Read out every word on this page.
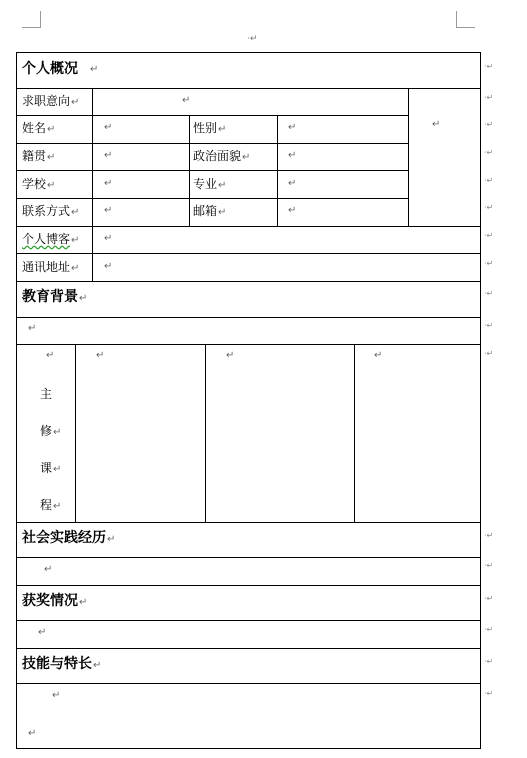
·↵
个人概况 ↵
求职意向↵	↵
↵
姓名↵	↵	性别↵	↵
籍贯↵	↵	政治面貌↵	↵
学校↵	↵	专业↵	↵
联系方式↵ ↵	邮箱↵	↵
个人博客↵ ↵
通讯地址↵ ↵
教育背景↵
↵
↵
主
修↵
课↵
程↵
↵	↵	↵
社会实践经历↵
↵
获奖情况↵
↵
技能与特长↵
↵
↵
·↵
·↵
·↵
·↵
·↵
·↵
·↵
·↵
·↵
·↵
·↵
·↵
·↵
·↵
·↵
·↵
·↵
